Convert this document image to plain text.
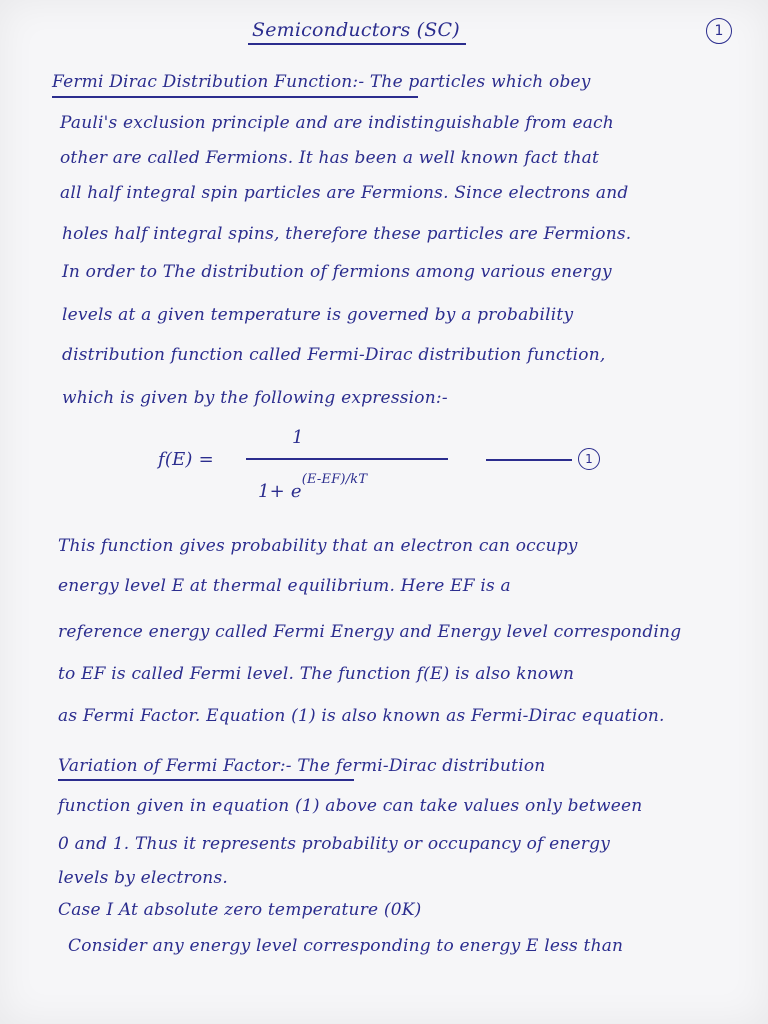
Semiconductors (SC)	1
Fermi Dirac Distribution Function:- The particles which obey
Pauli's exclusion principle and are indistinguishable from each
other are called Fermions. It has been a well known fact that
all half integral spin particles are Fermions. Since electrons and
holes half integral spins, therefore these particles are Fermions.
In order to The distribution of fermions among various energy
levels at a given temperature is governed by a probability
distribution function called Fermi-Dirac distribution function,
which is given by the following expression:-
f(E) =
1
$1+ e^{(E-EF)/kT}$
1
This function gives probability that an electron can occupy
energy level E at thermal equilibrium. Here EF is a
reference energy called Fermi Energy and Energy level corresponding
to EF is called Fermi level. The function f(E) is also known
as Fermi Factor. Equation (1) is also known as Fermi-Dirac equation.
Variation of Fermi Factor:- The fermi-Dirac distribution
function given in equation (1) above can take values only between
0 and 1. Thus it represents probability or occupancy of energy
levels by electrons.
Case I At absolute zero temperature (0K)
Consider any energy level corresponding to energy E less than
